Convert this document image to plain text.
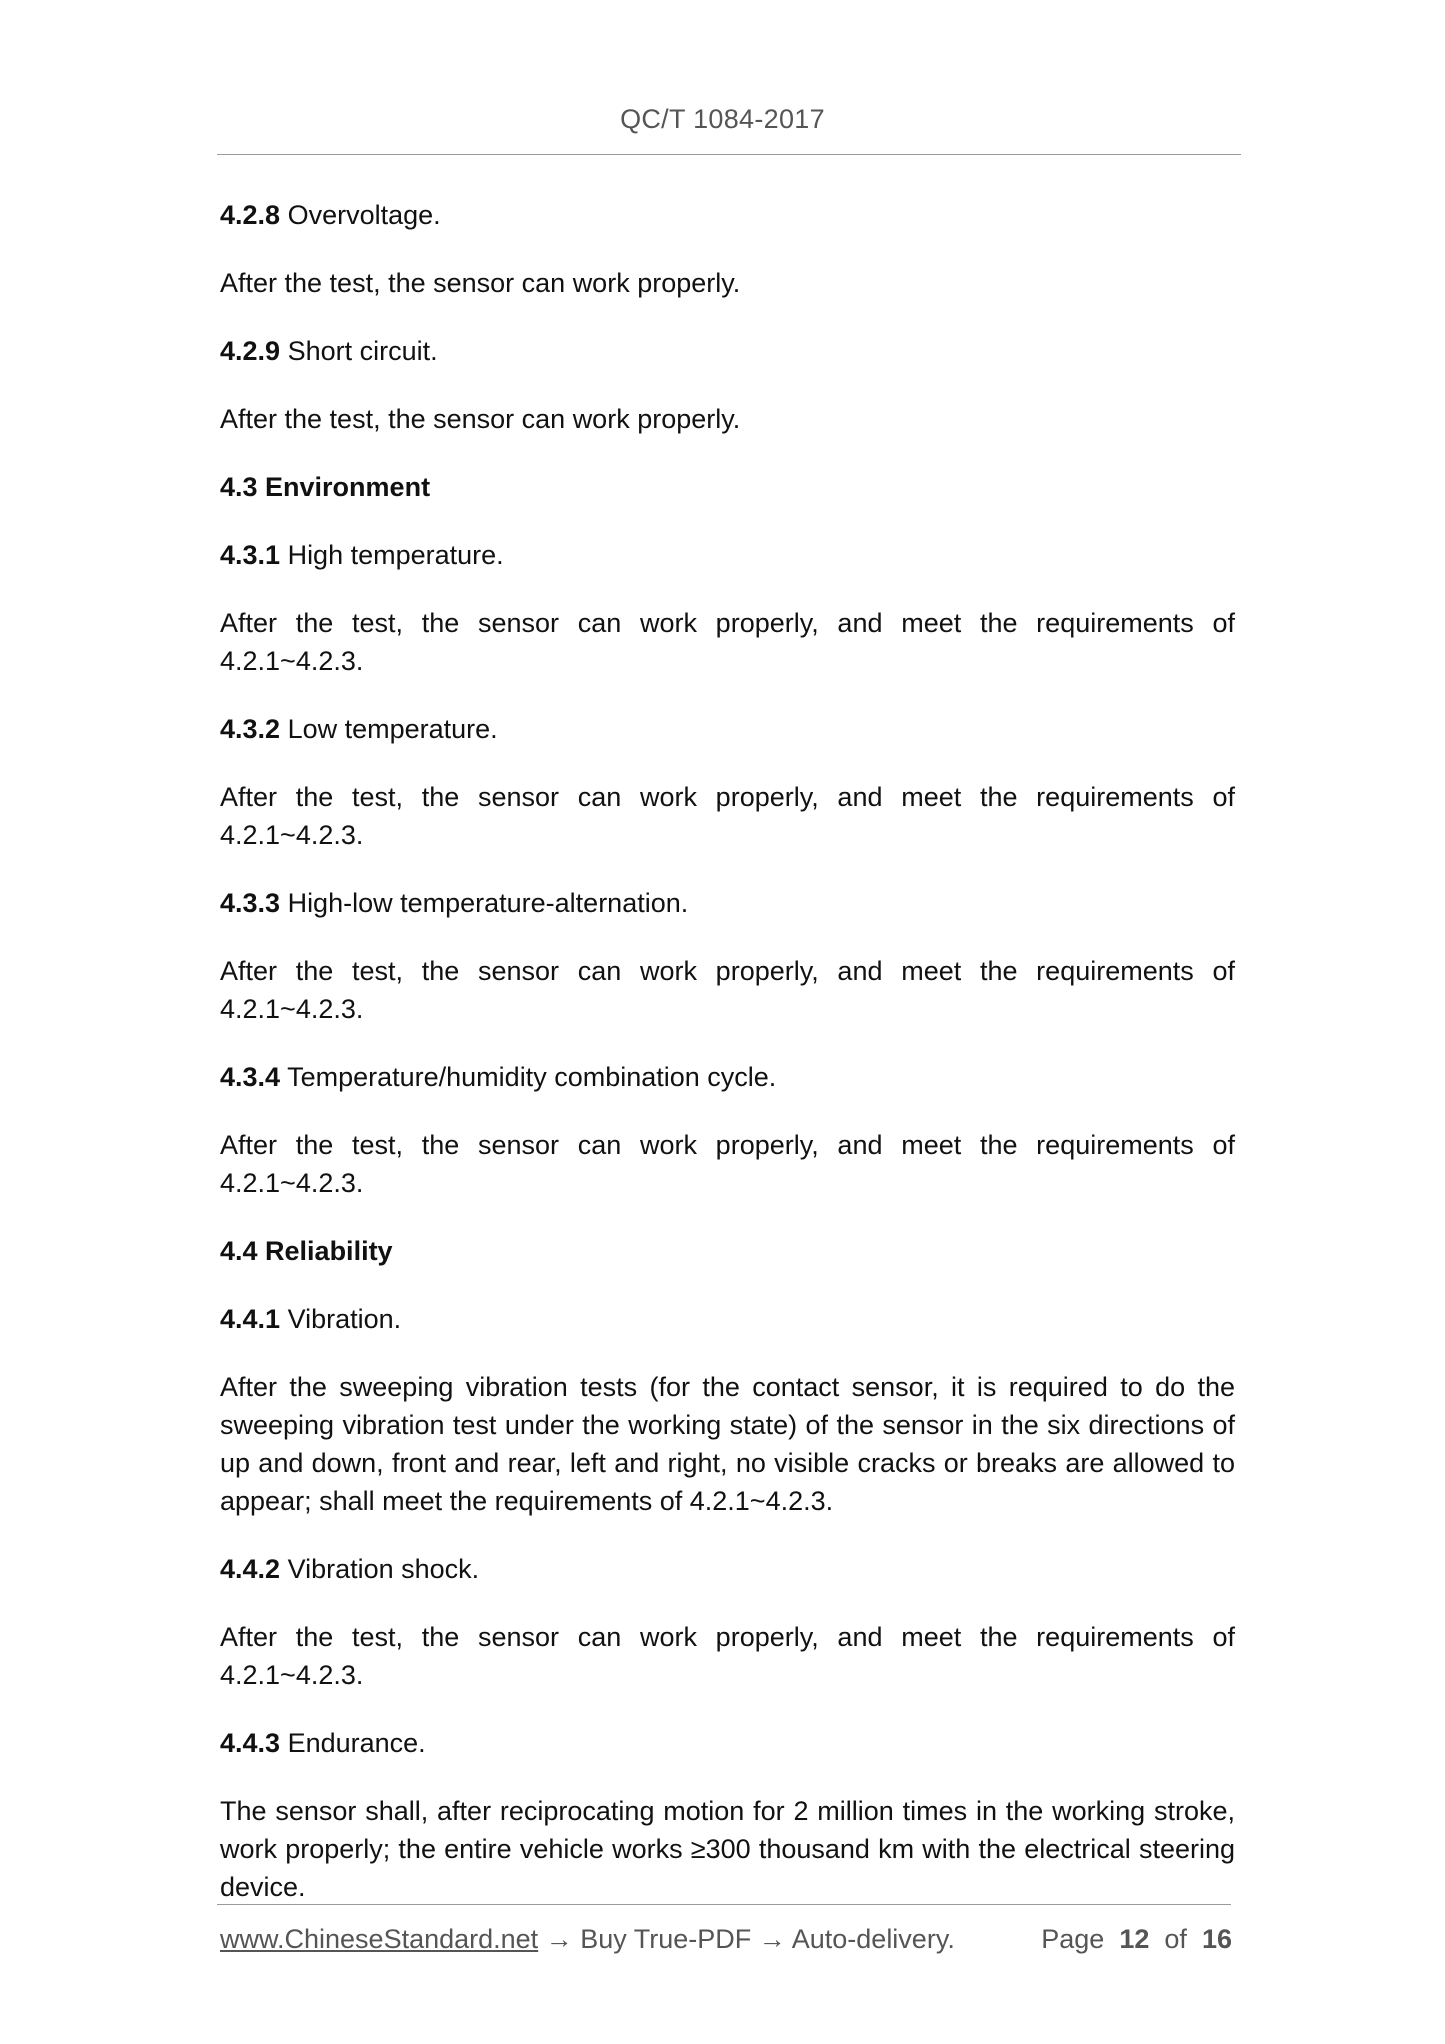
QC/T 1084-2017

4.2.8 Overvoltage.

After the test, the sensor can work properly.

4.2.9 Short circuit.

After the test, the sensor can work properly.

4.3 Environment

4.3.1 High temperature.

After the test, the sensor can work properly, and meet the requirements of 4.2.1~4.2.3.

4.3.2 Low temperature.

After the test, the sensor can work properly, and meet the requirements of 4.2.1~4.2.3.

4.3.3 High-low temperature-alternation.

After the test, the sensor can work properly, and meet the requirements of 4.2.1~4.2.3.

4.3.4 Temperature/humidity combination cycle.

After the test, the sensor can work properly, and meet the requirements of 4.2.1~4.2.3.

4.4 Reliability

4.4.1 Vibration.

After the sweeping vibration tests (for the contact sensor, it is required to do the sweeping vibration test under the working state) of the sensor in the six directions of up and down, front and rear, left and right, no visible cracks or breaks are allowed to appear; shall meet the requirements of 4.2.1~4.2.3.

4.4.2 Vibration shock.

After the test, the sensor can work properly, and meet the requirements of 4.2.1~4.2.3.

4.4.3 Endurance.

The sensor shall, after reciprocating motion for 2 million times in the working stroke, work properly; the entire vehicle works ≥300 thousand km with the electrical steering device.

www.ChineseStandard.net → Buy True-PDF → Auto-delivery.	Page 12 of 16
